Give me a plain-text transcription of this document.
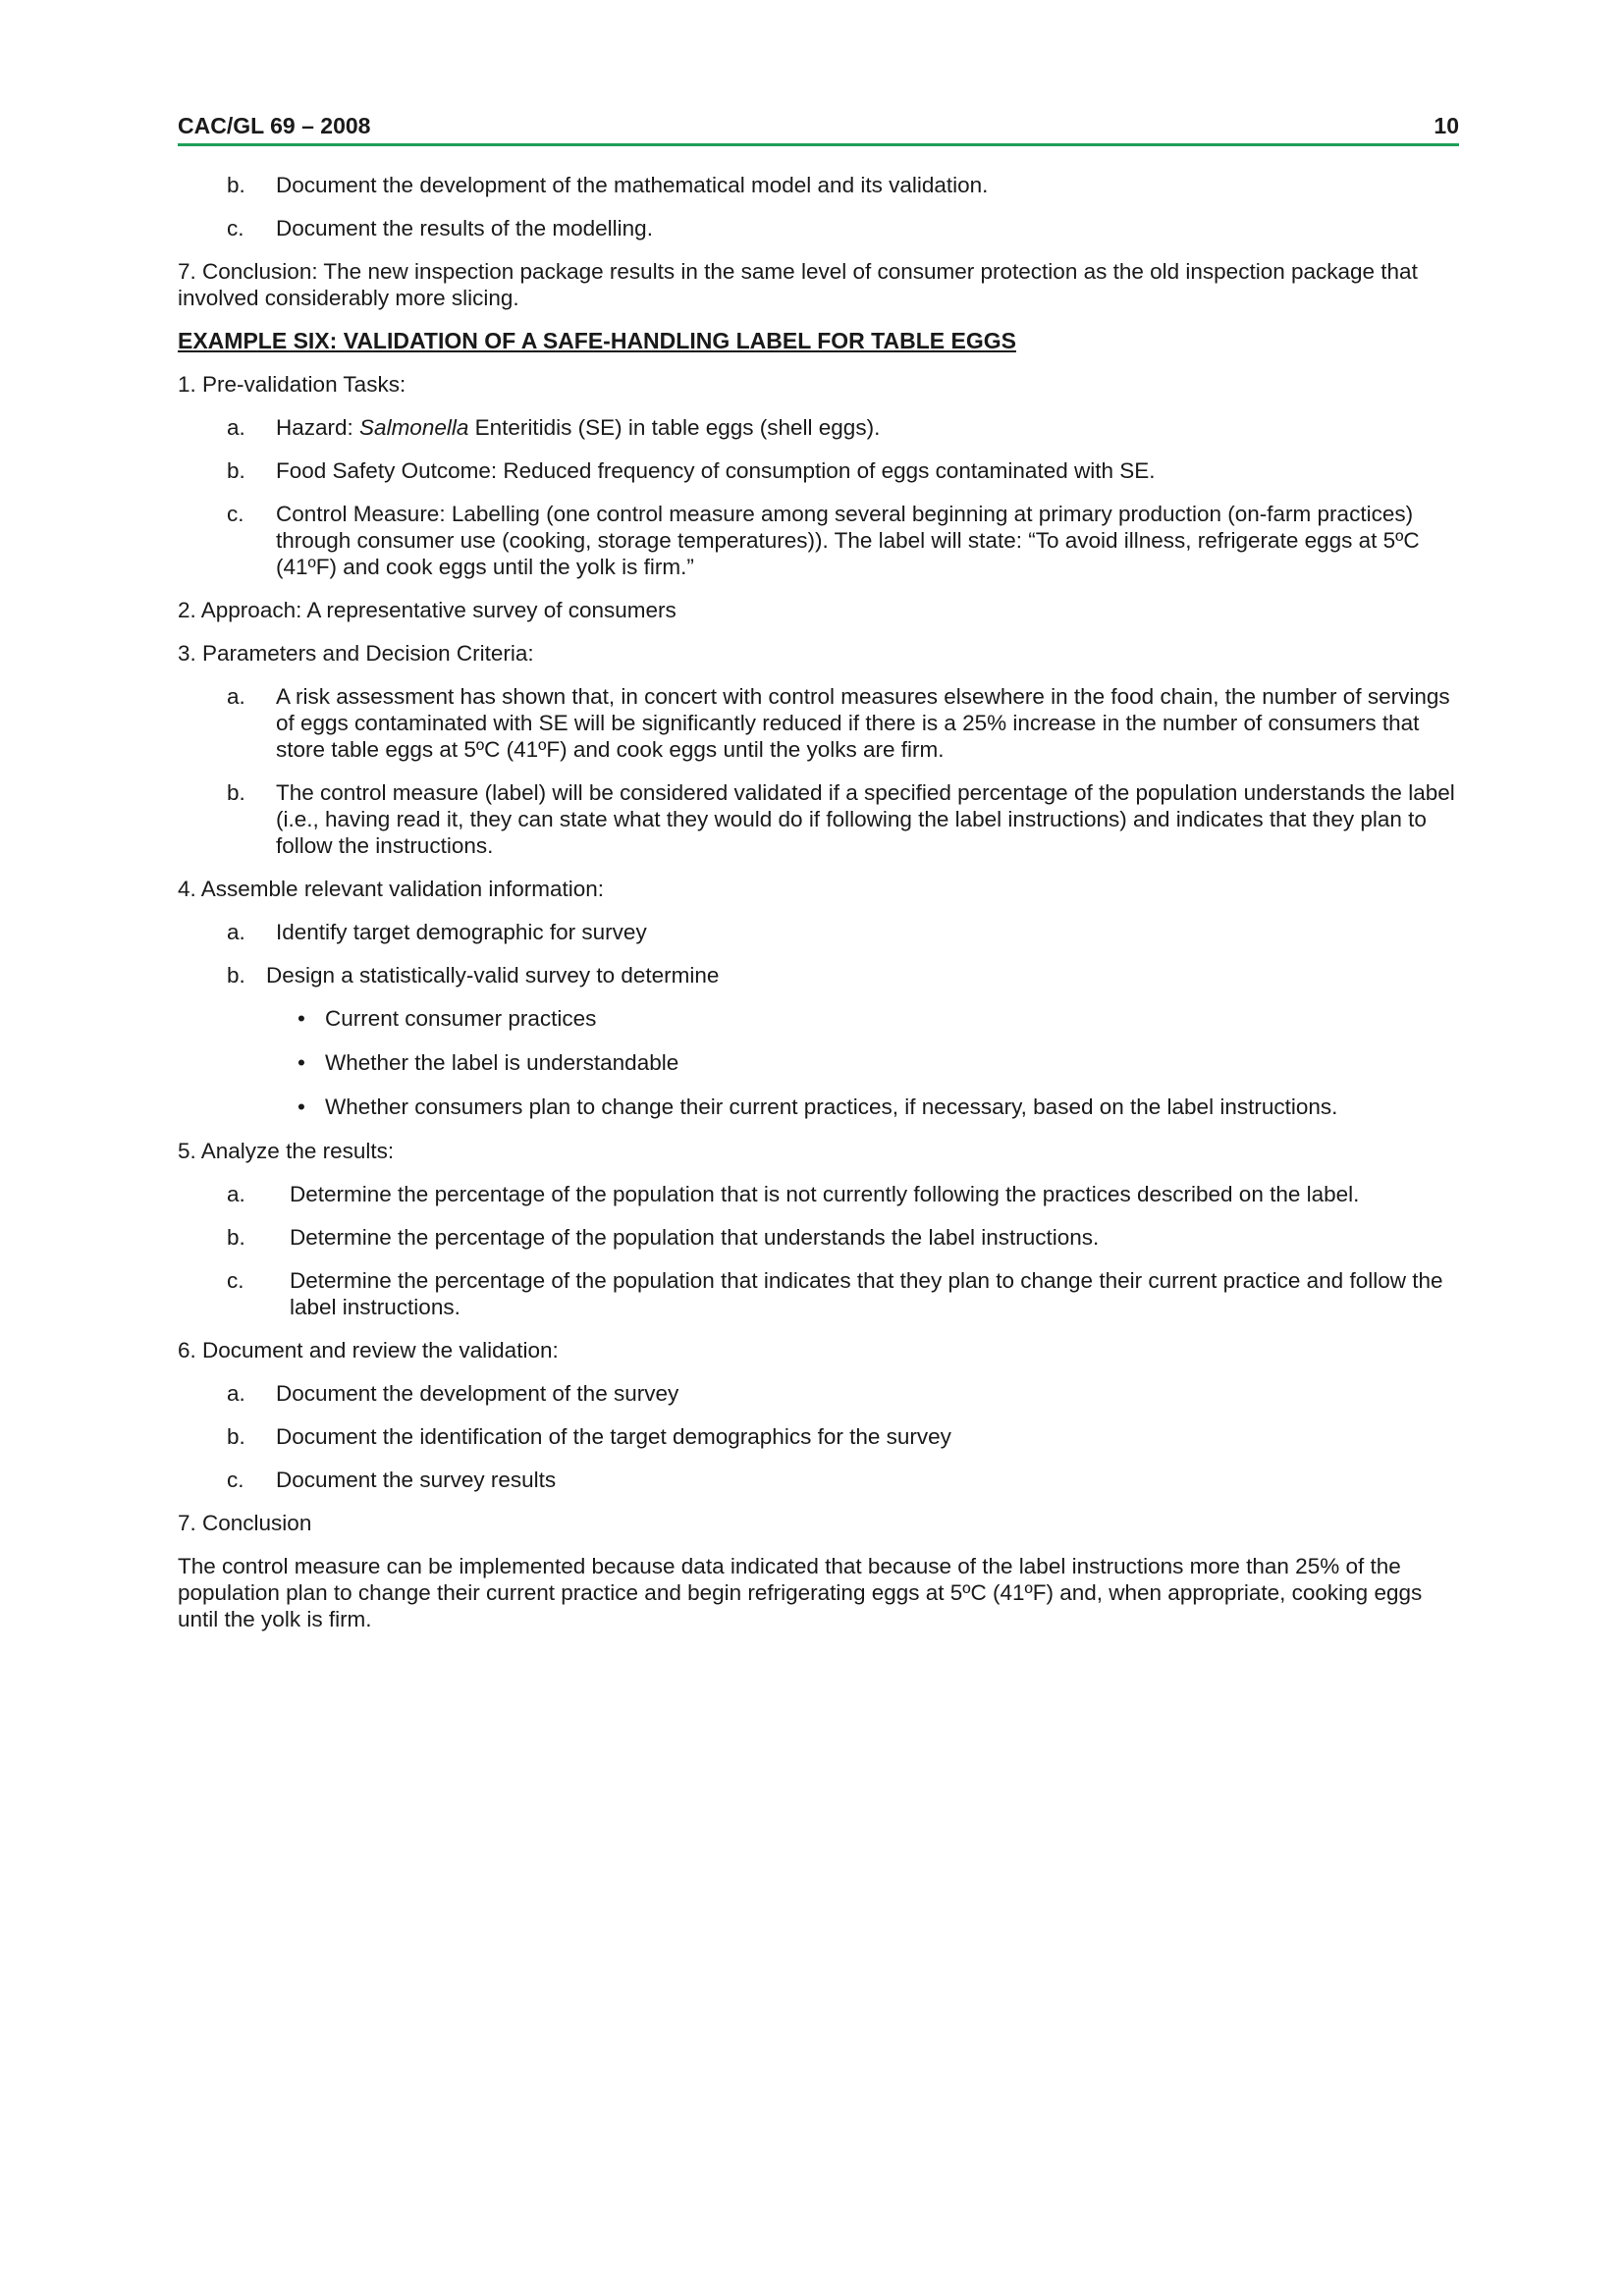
CAC/GL 69 – 2008	10
b.	Document the development of the mathematical model and its validation.
c.	Document the results of the modelling.
7. Conclusion: The new inspection package results in the same level of consumer protection as the old inspection package that involved considerably more slicing.
EXAMPLE SIX: VALIDATION OF A SAFE-HANDLING LABEL FOR TABLE EGGS
1. Pre-validation Tasks:
a.	Hazard: Salmonella Enteritidis (SE) in table eggs (shell eggs).
b.	Food Safety Outcome: Reduced frequency of consumption of eggs contaminated with SE.
c.	Control Measure: Labelling (one control measure among several beginning at primary production (on-farm practices) through consumer use (cooking, storage temperatures)). The label will state: “To avoid illness, refrigerate eggs at 5ºC (41ºF) and cook eggs until the yolk is firm.”
2. Approach: A representative survey of consumers
3. Parameters and Decision Criteria:
a.	A risk assessment has shown that, in concert with control measures elsewhere in the food chain, the number of servings of eggs contaminated with SE will be significantly reduced if there is a 25% increase in the number of consumers that store table eggs at 5ºC (41ºF) and cook eggs until the yolks are firm.
b.	The control measure (label) will be considered validated if a specified percentage of the population understands the label (i.e., having read it, they can state what they would do if following the label instructions) and indicates that they plan to follow the instructions.
4. Assemble relevant validation information:
a.	Identify target demographic for survey
b. Design a statistically-valid survey to determine
• Current consumer practices
• Whether the label is understandable
• Whether consumers plan to change their current practices, if necessary, based on the label instructions.
5. Analyze the results:
a.	Determine the percentage of the population that is not currently following the practices described on the label.
b.	Determine the percentage of the population that understands the label instructions.
c.	Determine the percentage of the population that indicates that they plan to change their current practice and follow the label instructions.
6. Document and review the validation:
a.	Document the development of the survey
b.	Document the identification of the target demographics for the survey
c.	Document the survey results
7. Conclusion
The control measure can be implemented because data indicated that because of the label instructions more than 25% of the population plan to change their current practice and begin refrigerating eggs at 5ºC (41ºF) and, when appropriate, cooking eggs until the yolk is firm.
